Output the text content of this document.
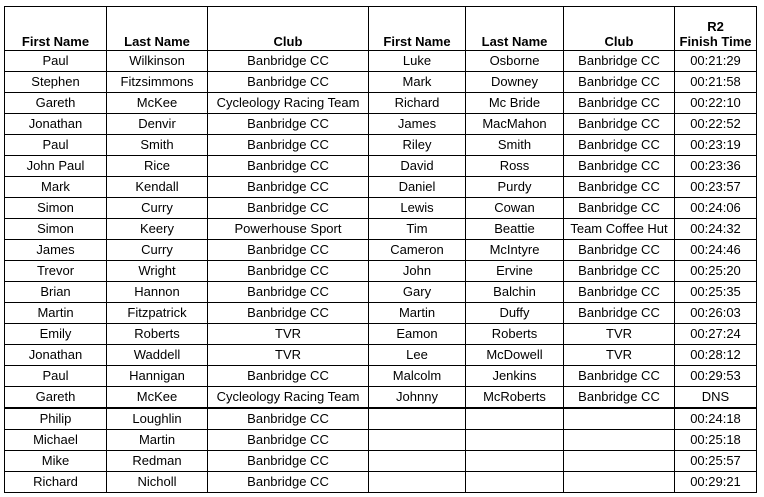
First Name	Last Name	Club	First Name	Last Name	Club	R2
Finish Time

Paul	Wilkinson	Banbridge CC	Luke	Osborne	Banbridge CC	00:21:29
Stephen	Fitzsimmons	Banbridge CC	Mark	Downey	Banbridge CC	00:21:58
Gareth	McKee	Cycleology Racing Team	Richard	Mc Bride	Banbridge CC	00:22:10
Jonathan	Denvir	Banbridge CC	James	MacMahon	Banbridge CC	00:22:52
Paul	Smith	Banbridge CC	Riley	Smith	Banbridge CC	00:23:19
John Paul	Rice	Banbridge CC	David	Ross	Banbridge CC	00:23:36
Mark	Kendall	Banbridge CC	Daniel	Purdy	Banbridge CC	00:23:57
Simon	Curry	Banbridge CC	Lewis	Cowan	Banbridge CC	00:24:06
Simon	Keery	Powerhouse Sport	Tim	Beattie	Team Coffee Hut	00:24:32
James	Curry	Banbridge CC	Cameron	McIntyre	Banbridge CC	00:24:46
Trevor	Wright	Banbridge CC	John	Ervine	Banbridge CC	00:25:20
Brian	Hannon	Banbridge CC	Gary	Balchin	Banbridge CC	00:25:35
Martin	Fitzpatrick	Banbridge CC	Martin	Duffy	Banbridge CC	00:26:03
Emily	Roberts	TVR	Eamon	Roberts	TVR	00:27:24
Jonathan	Waddell	TVR	Lee	McDowell	TVR	00:28:12
Paul	Hannigan	Banbridge CC	Malcolm	Jenkins	Banbridge CC	00:29:53
Gareth	McKee	Cycleology Racing Team	Johnny	McRoberts	Banbridge CC	DNS
Philip	Loughlin	Banbridge CC				00:24:18
Michael	Martin	Banbridge CC				00:25:18
Mike	Redman	Banbridge CC				00:25:57
Richard	Nicholl	Banbridge CC				00:29:21
